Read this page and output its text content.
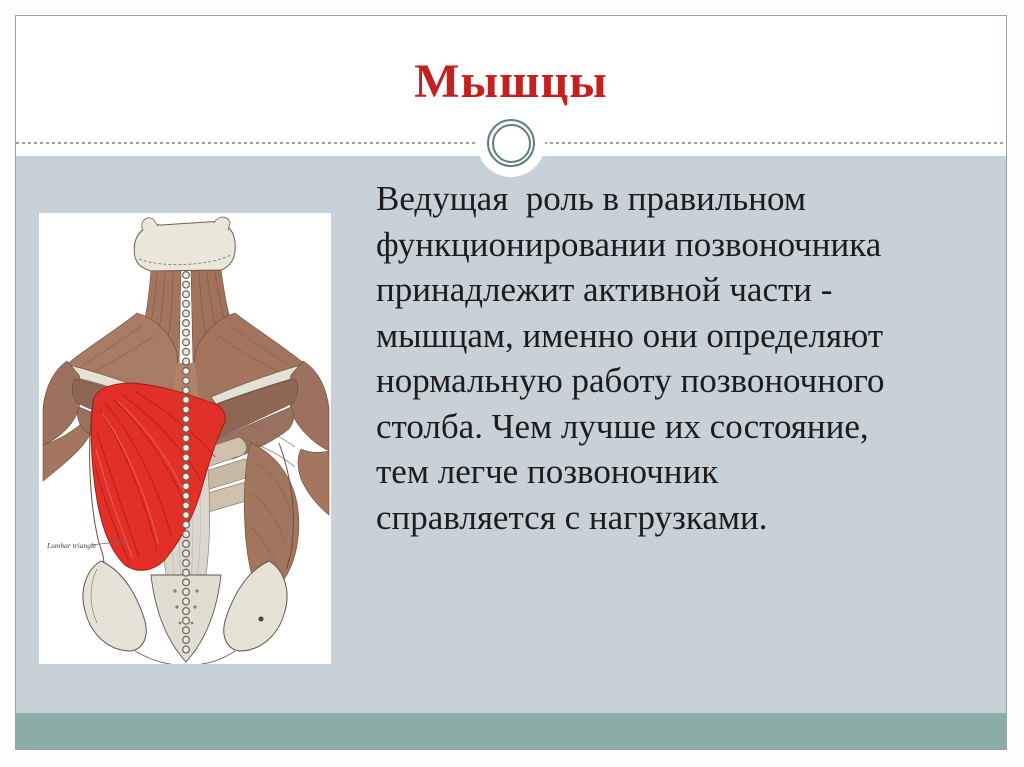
Мышцы
Lumbar triangle
Ведущая  роль в правильном
функционировании позвоночника
принадлежит активной части -
мышцам, именно они определяют
нормальную работу позвоночного
столба. Чем лучше их состояние,
тем легче позвоночник
справляется с нагрузками.
